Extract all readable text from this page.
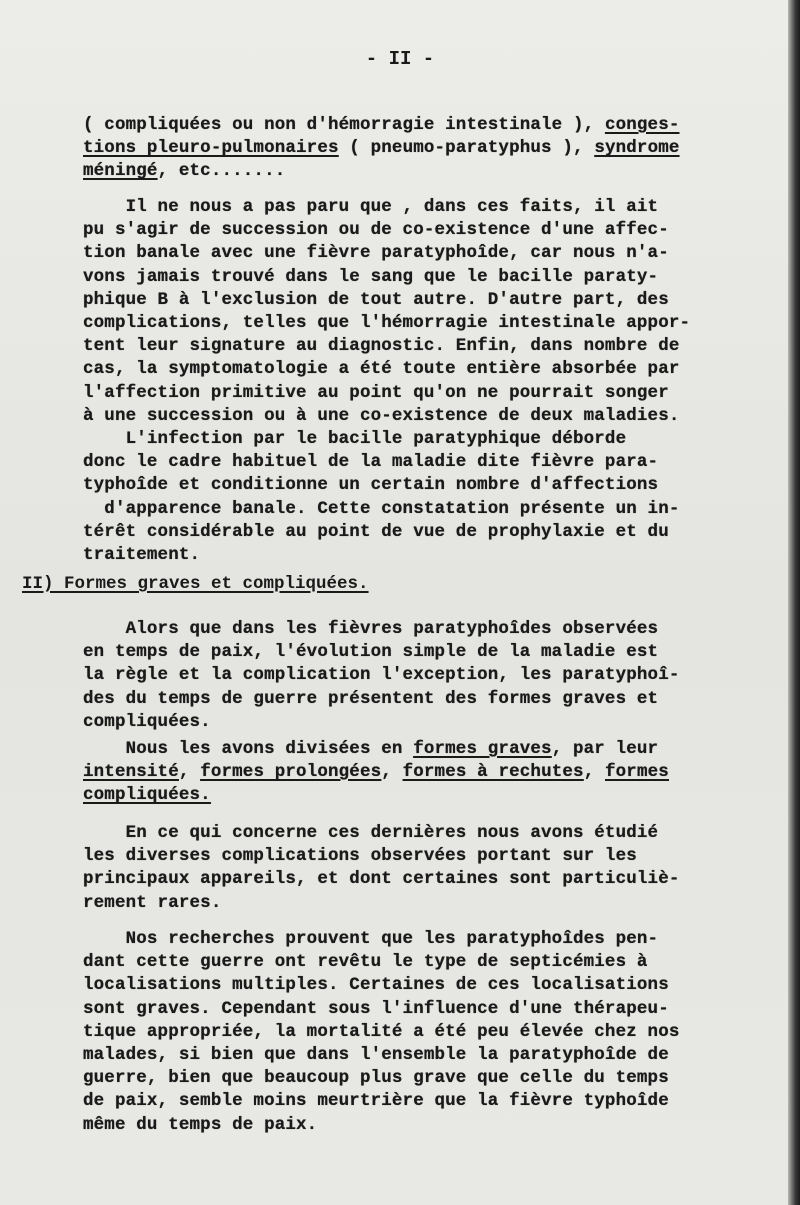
- II -
( compliquées ou non d'hémorragie intestinale ), conges-
tions pleuro-pulmonaires ( pneumo-paratyphus ), syndrome
méningé, etc.......
Il ne nous a pas paru que , dans ces faits, il ait
pu s'agir de succession ou de co-existence d'une affec-
tion banale avec une fièvre paratyphoîde, car nous n'a-
vons jamais trouvé dans le sang que le bacille paraty-
phique B à l'exclusion de tout autre. D'autre part, des
complications, telles que l'hémorragie intestinale appor-
tent leur signature au diagnostic. Enfin, dans nombre de
cas, la symptomatologie a été toute entière absorbée par
l'affection primitive au point qu'on ne pourrait songer
à une succession ou à une co-existence de deux maladies.
L'infection par le bacille paratyphique déborde
donc le cadre habituel de la maladie dite fièvre para-
typhoîde et conditionne un certain nombre d'affections
d'apparence banale. Cette constatation présente un in-
térêt considérable au point de vue de prophylaxie et du
traitement.
II) Formes graves et compliquées.
Alors que dans les fièvres paratyphoîdes observées
en temps de paix, l'évolution simple de la maladie est
la règle et la complication l'exception, les paratyphoî-
des du temps de guerre présentent des formes graves et
compliquées.
Nous les avons divisées en formes graves, par leur
intensité, formes prolongées, formes à rechutes, formes
compliquées.
En ce qui concerne ces dernières nous avons étudié
les diverses complications observées portant sur les
principaux appareils, et dont certaines sont particuliè-
rement rares.
Nos recherches prouvent que les paratyphoîdes pen-
dant cette guerre ont revêtu le type de septicémies à
localisations multiples. Certaines de ces localisations
sont graves. Cependant sous l'influence d'une thérapeu-
tique appropriée, la mortalité a été peu élevée chez nos
malades, si bien que dans l'ensemble la paratyphoîde de
guerre, bien que beaucoup plus grave que celle du temps
de paix, semble moins meurtrière que la fièvre typhoîde
même du temps de paix.
